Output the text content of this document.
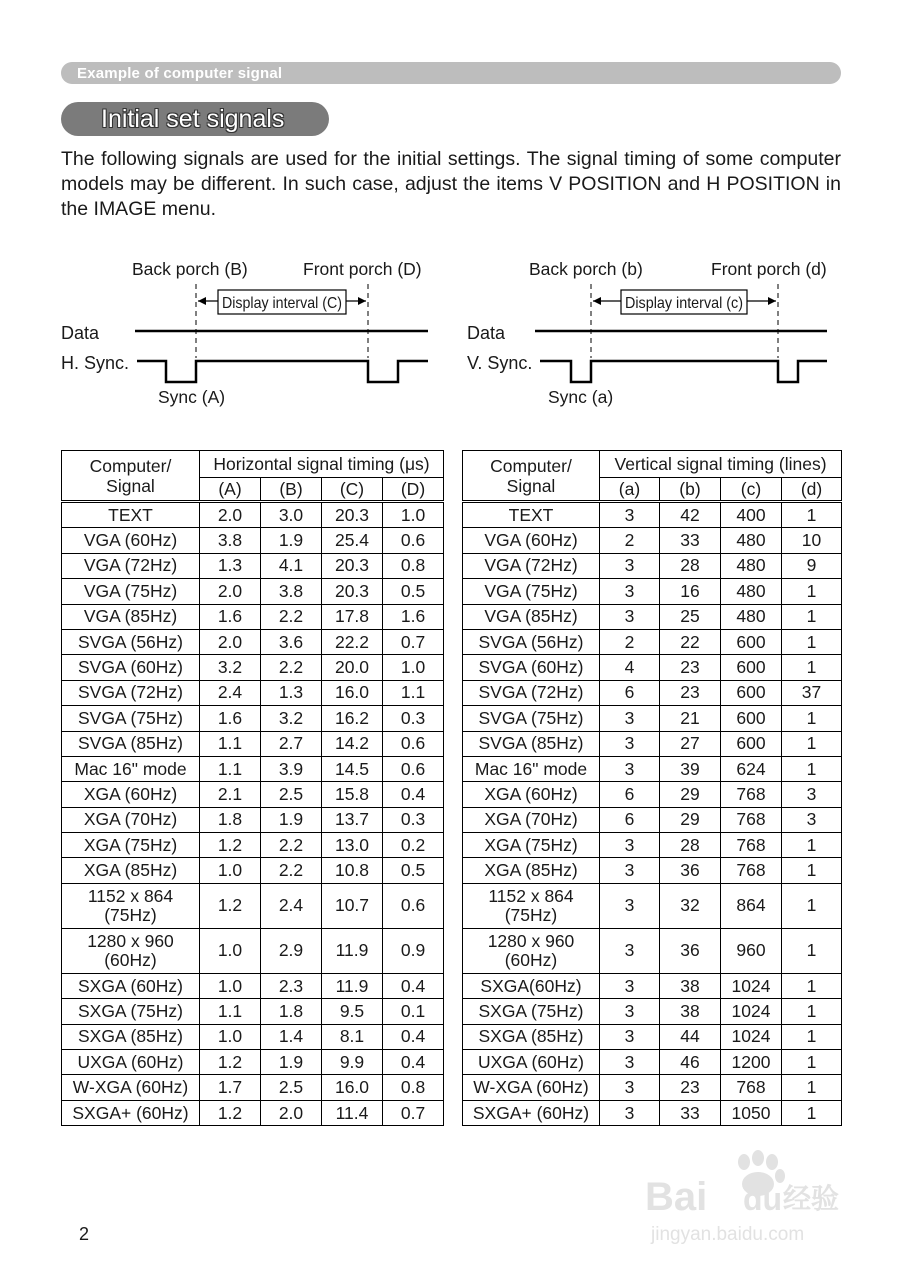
Example of computer signal
Initial set signals

The following signals are used for the initial settings. The signal timing of some computer models may be different. In such case, adjust the items V POSITION and H POSITION in the IMAGE menu.

Back porch (B)	Front porch (D)
Display interval (C)
Data
H. Sync.
Sync (A)
Back porch (b)	Front porch (d)
Display interval (c)
Data
V. Sync.
Sync (a)
Computer/
Signal	Horizontal signal timing (μs)			
	(A)	(B)	(C)	(D)

TEXT	2.0	3.0	20.3	1.0

VGA (60Hz)	3.8	1.9	25.4	0.6

VGA (72Hz)	1.3	4.1	20.3	0.8

VGA (75Hz)	2.0	3.8	20.3	0.5

VGA (85Hz)	1.6	2.2	17.8	1.6

SVGA (56Hz)	2.0	3.6	22.2	0.7

SVGA (60Hz)	3.2	2.2	20.0	1.0

SVGA (72Hz)	2.4	1.3	16.0	1.1

SVGA (75Hz)	1.6	3.2	16.2	0.3

SVGA (85Hz)	1.1	2.7	14.2	0.6

Mac 16" mode	1.1	3.9	14.5	0.6

XGA (60Hz)	2.1	2.5	15.8	0.4

XGA (70Hz)	1.8	1.9	13.7	0.3

XGA (75Hz)	1.2	2.2	13.0	0.2

XGA (85Hz)	1.0	2.2	10.8	0.5

1152 x 864
(75Hz)	1.2	2.4	10.7	0.6

1280 x 960
(60Hz)	1.0	2.9	11.9	0.9

SXGA (60Hz)	1.0	2.3	11.9	0.4

SXGA (75Hz)	1.1	1.8	9.5	0.1

SXGA (85Hz)	1.0	1.4	8.1	0.4

UXGA (60Hz)	1.2	1.9	9.9	0.4

W-XGA (60Hz)	1.7	2.5	16.0	0.8

SXGA+ (60Hz)	1.2	2.0	11.4	0.7
Computer/
Signal	Vertical signal timing (lines)			
	(a)	(b)	(c)	(d)

TEXT	3	42	400	1

VGA (60Hz)	2	33	480	10

VGA (72Hz)	3	28	480	9

VGA (75Hz)	3	16	480	1

VGA (85Hz)	3	25	480	1

SVGA (56Hz)	2	22	600	1

SVGA (60Hz)	4	23	600	1

SVGA (72Hz)	6	23	600	37

SVGA (75Hz)	3	21	600	1

SVGA (85Hz)	3	27	600	1

Mac 16" mode	3	39	624	1

XGA (60Hz)	6	29	768	3

XGA (70Hz)	6	29	768	3

XGA (75Hz)	3	28	768	1

XGA (85Hz)	3	36	768	1

1152 x 864
(75Hz)	3	32	864	1

1280 x 960
(60Hz)	3	36	960	1

SXGA(60Hz)	3	38	1024	1

SXGA (75Hz)	3	38	1024	1

SXGA (85Hz)	3	44	1024	1

UXGA (60Hz)	3	46	1200	1

W-XGA (60Hz)	3	23	768	1

SXGA+ (60Hz)	3	33	1050	1
2
Bai du 经验
jingyan.baidu.com
